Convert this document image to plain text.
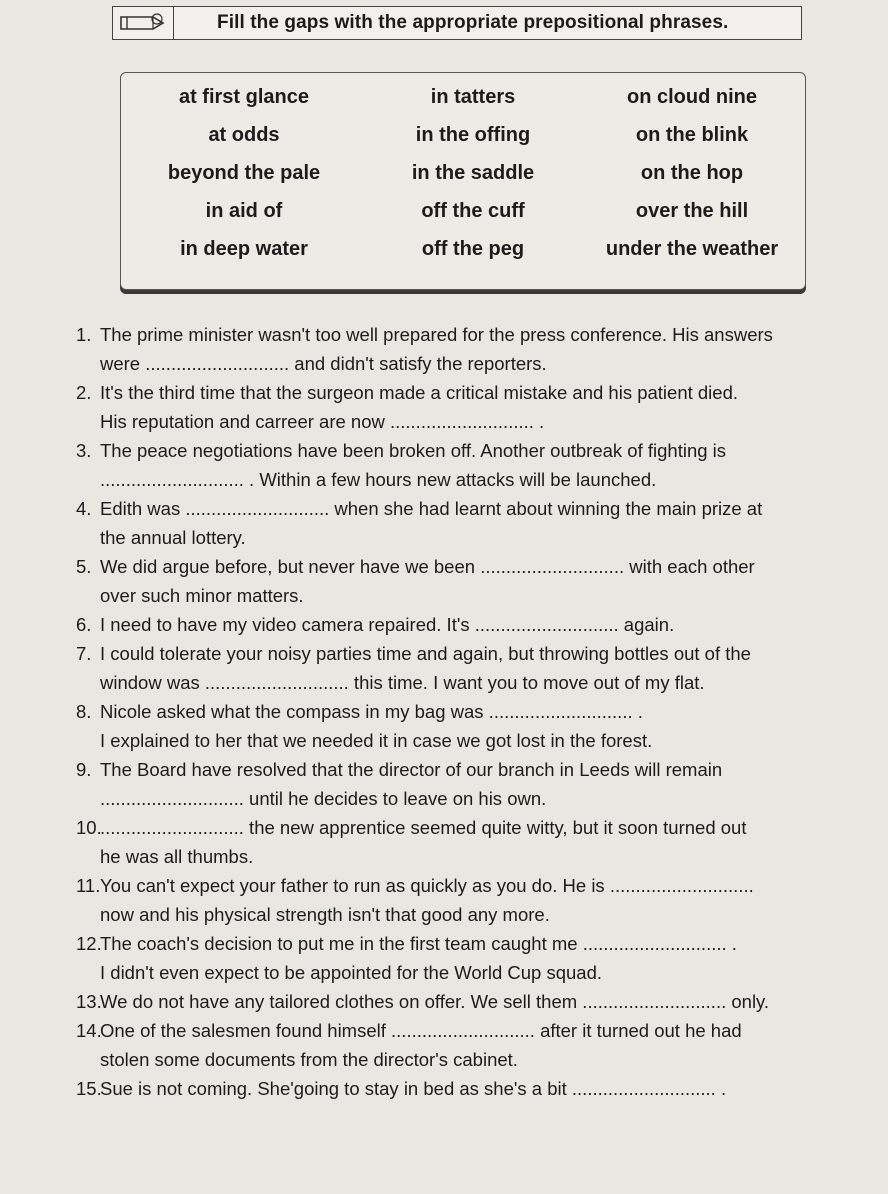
Fill the gaps with the appropriate prepositional phrases.
at first glance	in tatters	on cloud nine
at odds	in the offing	on the blink
beyond the pale	in the saddle	on the hop
in aid of	off the cuff	over the hill
in deep water	off the peg	under the weather
1. The prime minister wasn't too well prepared for the press conference. His answers
were ............................ and didn't satisfy the reporters.
2. It's the third time that the surgeon made a critical mistake and his patient died.
His reputation and carreer are now ............................ .
3. The peace negotiations have been broken off. Another outbreak of fighting is
............................ . Within a few hours new attacks will be launched.
4. Edith was ............................ when she had learnt about winning the main prize at
the annual lottery.
5. We did argue before, but never have we been ............................ with each other
over such minor matters.
6. I need to have my video camera repaired. It's ............................ again.
7. I could tolerate your noisy parties time and again, but throwing bottles out of the
window was ............................ this time. I want you to move out of my flat.
8. Nicole asked what the compass in my bag was ............................ .
I explained to her that we needed it in case we got lost in the forest.
9. The Board have resolved that the director of our branch in Leeds will remain
............................ until he decides to leave on his own.
10.
............................ the new apprentice seemed quite witty, but it soon turned out
he was all thumbs.
11. You can't expect your father to run as quickly as you do. He is ............................
now and his physical strength isn't that good any more.
12.
The coach's decision to put me in the first team caught me ............................ .
I didn't even expect to be appointed for the World Cup squad.
13.
We do not have any tailored clothes on offer. We sell them ............................ only.
14.
One of the salesmen found himself ............................ after it turned out he had
stolen some documents from the director's cabinet.
15.
Sue is not coming. She'going to stay in bed as she's a bit ............................ .
